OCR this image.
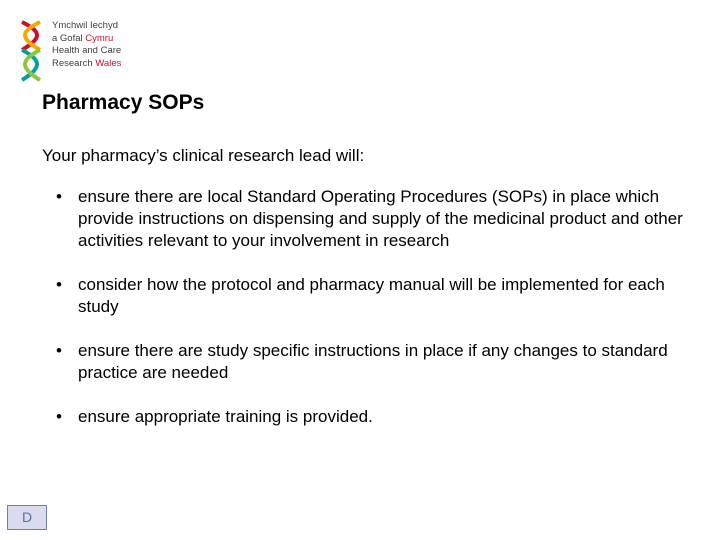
Ymchwil Iechyd
a Gofal Cymru
Health and Care
Research Wales
Pharmacy SOPs

Your pharmacy’s clinical research lead will:

• ensure there are local Standard Operating Procedures (SOPs) in place which provide instructions on dispensing and supply of the medicinal product and other activities relevant to your involvement in research
• consider how the protocol and pharmacy manual will be implemented for each study
• ensure there are study specific instructions in place if any changes to standard practice are needed
• ensure appropriate training is provided.
D
